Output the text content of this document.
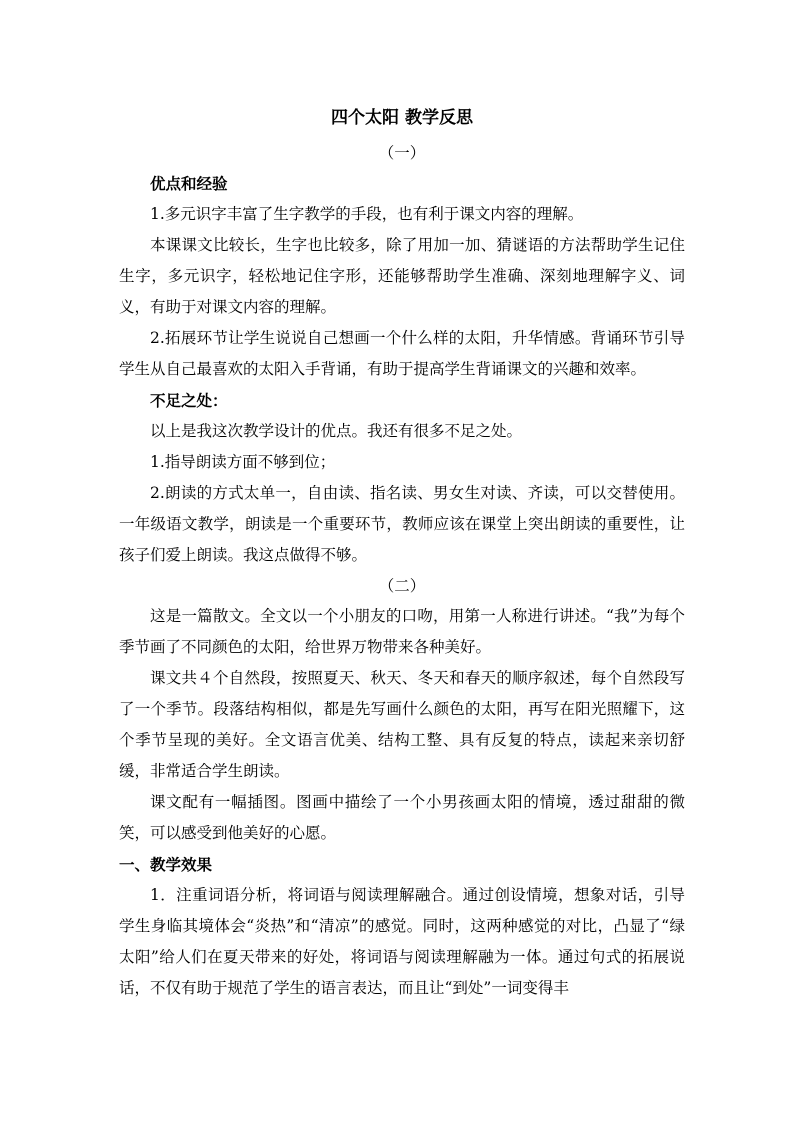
四个太阳 教学反思

（一）

优点和经验

1.多元识字丰富了生字教学的手段，也有利于课文内容的理解。

本课课文比较长，生字也比较多，除了用加一加、猜谜语的方法帮助学生记住生字，多元识字，轻松地记住字形，还能够帮助学生准确、深刻地理解字义、词义，有助于对课文内容的理解。

2.拓展环节让学生说说自己想画一个什么样的太阳，升华情感。背诵环节引导学生从自己最喜欢的太阳入手背诵，有助于提高学生背诵课文的兴趣和效率。

不足之处：

以上是我这次教学设计的优点。我还有很多不足之处。

1.指导朗读方面不够到位；

2.朗读的方式太单一，自由读、指名读、男女生对读、齐读，可以交替使用。一年级语文教学，朗读是一个重要环节，教师应该在课堂上突出朗读的重要性，让孩子们爱上朗读。我这点做得不够。

（二）

这是一篇散文。全文以一个小朋友的口吻，用第一人称进行讲述。“我”为每个季节画了不同颜色的太阳，给世界万物带来各种美好。

课文共４个自然段，按照夏天、秋天、冬天和春天的顺序叙述，每个自然段写了一个季节。段落结构相似，都是先写画什么颜色的太阳，再写在阳光照耀下，这个季节呈现的美好。全文语言优美、结构工整、具有反复的特点，读起来亲切舒缓，非常适合学生朗读。

课文配有一幅插图。图画中描绘了一个小男孩画太阳的情境，透过甜甜的微笑，可以感受到他美好的心愿。

一、教学效果

1．注重词语分析，将词语与阅读理解融合。通过创设情境，想象对话，引导学生身临其境体会“炎热”和“清凉”的感觉。同时，这两种感觉的对比，凸显了“绿太阳”给人们在夏天带来的好处，将词语与阅读理解融为一体。通过句式的拓展说话，不仅有助于规范了学生的语言表达，而且让“到处”一词变得丰
